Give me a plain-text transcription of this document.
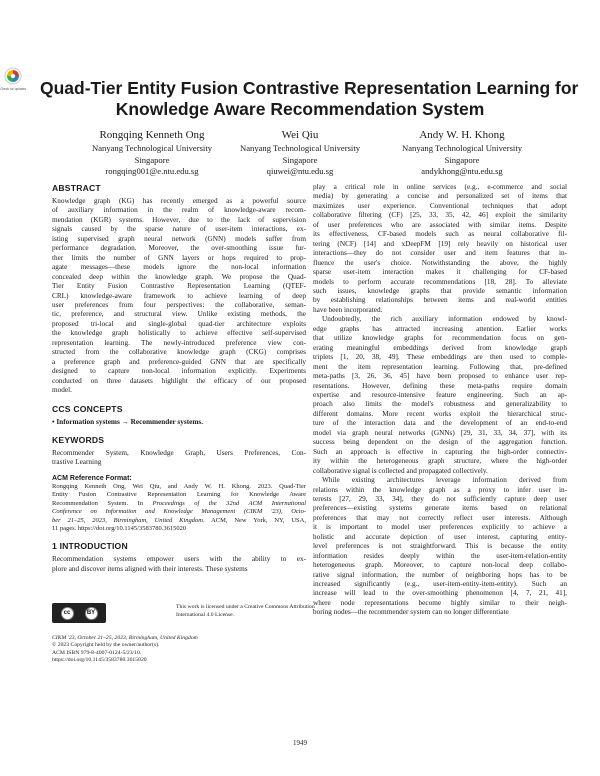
Check for updates Quad-Tier Entity Fusion Contrastive Representation Learning for
Knowledge Aware Recommendation System
Rongqing Kenneth Ong
Nanyang Technological University
Singapore
rongqing001@e.ntu.edu.sg
Wei Qiu
Nanyang Technological University
Singapore
qiuwei@ntu.edu.sg
Andy W. H. Khong
Nanyang Technological University
Singapore
andykhong@ntu.edu.sg
ABSTRACT
Knowledge graph (KG) has recently emerged as a powerful source
of auxiliary information in the realm of knowledge-aware recom-
mendation (KGR) systems. However, due to the lack of supervision
signals caused by the sparse nature of user-item interactions, ex-
isting supervised graph neural network (GNN) models suffer from
performance degradation. Moreover, the over-smoothing issue fur-
ther limits the number of GNN layers or hops required to prop-
agate messages—these models ignore the non-local information
concealed deep within the knowledge graph. We propose the Quad-
Tier Entity Fusion Contrastive Representation Learning (QTEF-
CRL) knowledge-aware framework to achieve learning of deep
user preferences from four perspectives: the collaborative, seman-
tic, preference, and structural view. Unlike existing methods, the
proposed tri-local and single-global quad-tier architecture exploits
the knowledge graph holistically to achieve effective self-supervised
representation learning. The newly-introduced preference view con-
structed from the collaborative knowledge graph (CKG) comprises
a preference graph and preference-guided GNN that are specifically
designed to capture non-local information explicitly. Experiments
conducted on three datasets highlight the efficacy of our proposed
model.
CCS CONCEPTS
• Information systems → Recommender systems.
KEYWORDS
Recommender System, Knowledge Graph, Users Preferences, Con-
trastive Learning
ACM Reference Format:
Rongqing Kenneth Ong, Wei Qiu, and Andy W. H. Khong. 2023. Quad-Tier
Entity Fusion Contrastive Representation Learning for Knowledge Aware
Recommendation System. In Proceedings of the 32nd ACM International
Conference on Information and Knowledge Management (CIKM '23), Octo-
ber 21–25, 2023, Birmingham, United Kingdom. ACM, New York, NY, USA,
11 pages. https://doi.org/10.1145/3583780.3615020
1 INTRODUCTION
Recommendation systems empower users with the ability to ex-
plore and discover items aligned with their interests. These systems
cc	BY
This work is licensed under a Creative Commons Attribution
International 4.0 License.
CIKM '23, October 21–25, 2023, Birmingham, United Kingdom
© 2023 Copyright held by the owner/author(s).
ACM ISBN 979-8-4007-0124-5/23/10.
https://doi.org/10.1145/3583780.3615020
play a critical role in online services (e.g., e-commerce and social
media) by generating a concise and personalized set of items that
maximizes user experience. Conventional techniques that adopt
collaborative filtering (CF) [25, 33, 35, 42, 46] exploit the similarity
of user preferences who are associated with similar items. Despite
its effectiveness, CF-based models such as neural collaborative fil-
tering (NCF) [14] and xDeepFM [19] rely heavily on historical user
interactions—they do not consider user and item features that in-
fluence the user's choice. Notwithstanding the above, the highly
sparse user-item interaction makes it challenging for CF-based
models to perform accurate recommendations [18, 28]. To alleviate
such issues, knowledge graphs that provide semantic information
by establishing relationships between items and real-world entities
have been incorporated.
Undoubtedly, the rich auxiliary information endowed by knowl-
edge graphs has attracted increasing attention. Earlier works
that utilize knowledge graphs for recommendation focus on gen-
erating meaningful embeddings derived from knowledge graph
triplets [1, 20, 38, 49]. These embeddings are then used to comple-
ment the item representation learning. Following that, pre-defined
meta-paths [3, 26, 36, 45] have been proposed to enhance user rep-
resentations. However, defining these meta-paths require domain
expertise and resource-intensive feature engineering. Such an ap-
proach also limits the model's robustness and generalizability to
different domains. More recent works exploit the hierarchical struc-
ture of the interaction data and the development of an end-to-end
model via graph neural networks (GNNs) [29, 31, 33, 34, 37], with its
success being dependent on the design of the aggregation function.
Such an approach is effective in capturing the high-order connectiv-
ity within the heterogeneous graph structure, where the high-order
collaborative signal is collected and propagated collectively.
While existing architectures leverage information derived from
relations within the knowledge graph as a proxy to infer user in-
terests [27, 29, 33, 34], they do not sufficiently capture deep user
preferences—existing systems generate items based on relational
preferences that may not correctly reflect user interests. Although
it is important to model user preferences explicitly to achieve a
holistic and accurate depiction of user interest, capturing entity-
level preferences is not straightforward. This is because the entity
information resides deeply within the user-item-relation-entity
heterogeneous graph. Moreover, to capture non-local deep collabo-
rative signal information, the number of neighboring hops has to be
increased significantly (e.g., user-item-entity-item-entity). Such an
increase will lead to the over-smoothing phenomenon [4, 7, 21, 41],
where node representations become highly similar to their neigh-
boring nodes—the recommender system can no longer differentiate
1949
